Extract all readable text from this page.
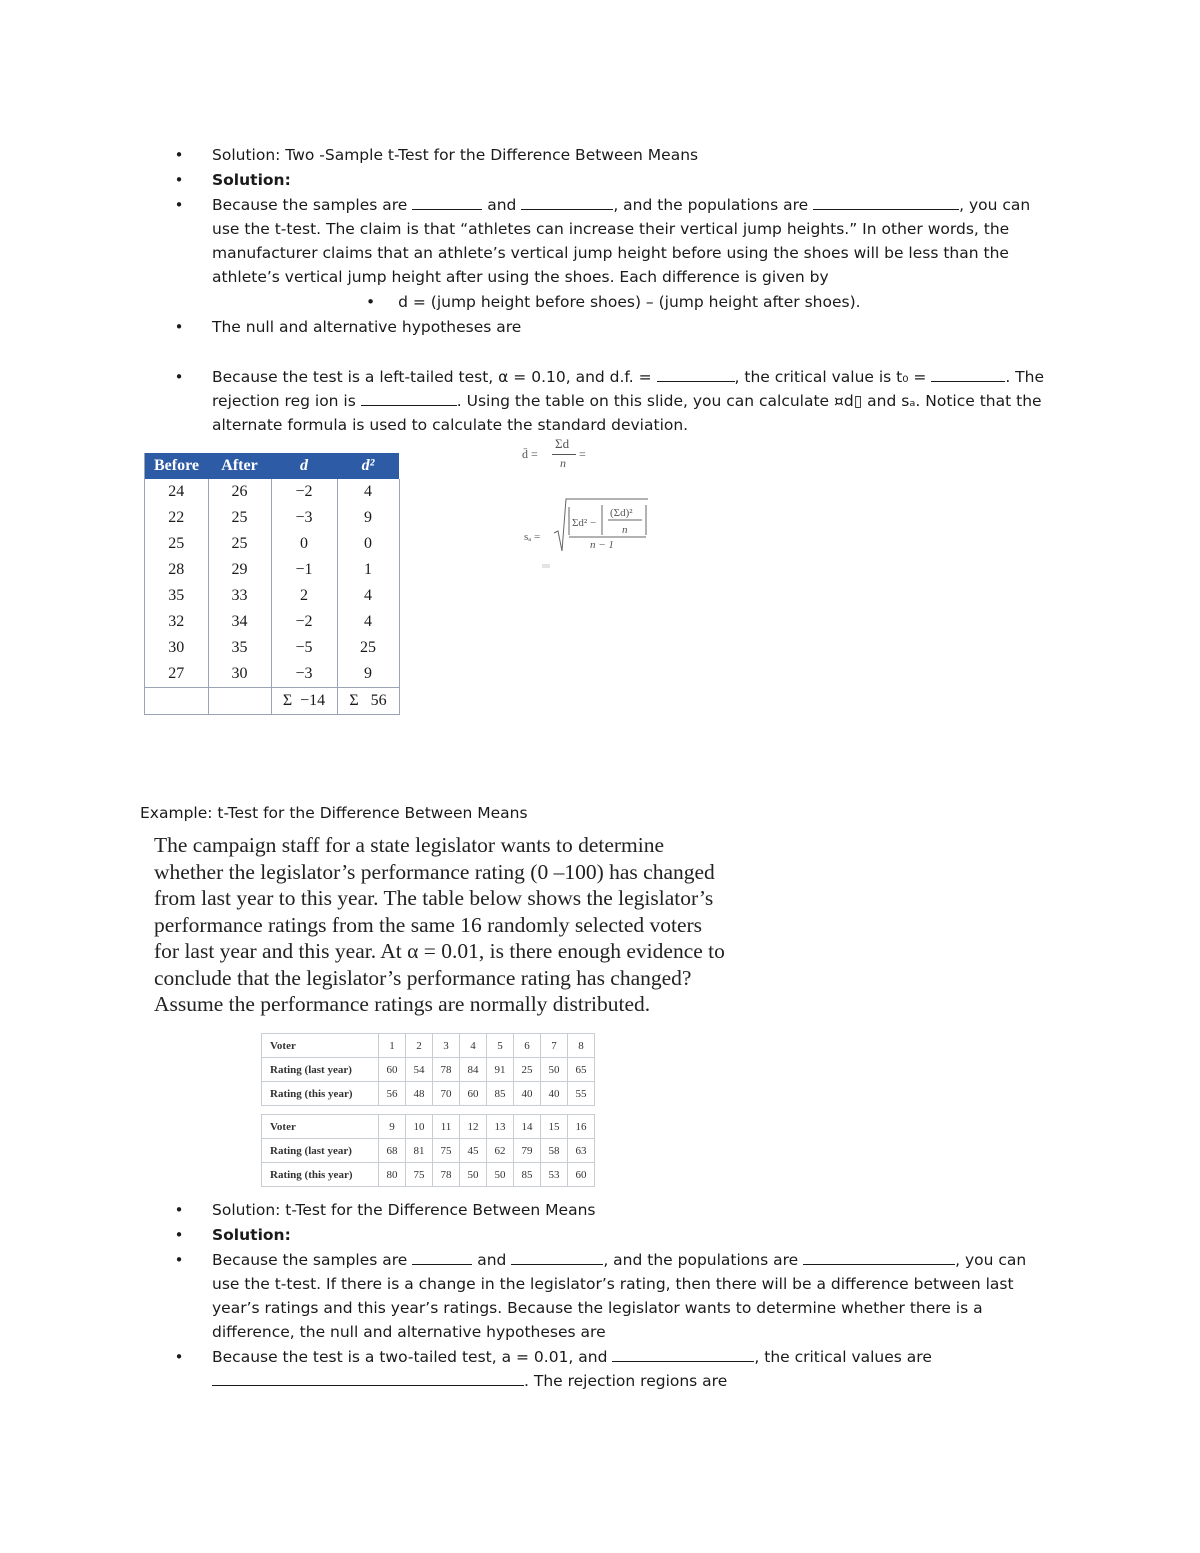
• Solution: Two -Sample t-Test for the Difference Between Means
• Solution:
• Because the samples are	and	, and the populations are	, you can
use the t-test. The claim is that “athletes can increase their vertical jump heights.” In other words, the
manufacturer claims that an athlete’s vertical jump height before using the shoes will be less than the
athlete’s vertical jump height after using the shoes. Each difference is given by
• d = (jump height before shoes) – (jump height after shoes).
• The null and alternative hypotheses are
• Because the test is a left-tailed test, α = 0.10, and d.f. =	, the critical value is t₀ =	. The
rejection reg ion is	. Using the table on this slide, you can calculate ¤d▯ and sₐ. Notice that the
alternate formula is used to calculate the standard deviation.
Before	After	d	d²
24	26	−2	4
22	25	−3	9
25	25	0	0
28	29	−1	1
35	33	2	4
32	34	−2	4
30	35	−5	25
27	30	−3	9
		Σ −14	Σ 56
d̄ =
Σd
n
=
sₐ =
Σd² −
(Σd)²
n
n − 1
Example: t-Test for the Difference Between Means
The campaign staff for a state legislator wants to determine
whether the legislator’s performance rating (0 –100) has changed
from last year to this year. The table below shows the legislator’s
performance ratings from the same 16 randomly selected voters
for last year and this year. At α = 0.01, is there enough evidence to
conclude that the legislator’s performance rating has changed?
Assume the performance ratings are normally distributed.
Voter	1	2	3	4	5	6	7	8
Rating (last year)	60	54	78	84	91	25	50	65
Rating (this year)	56	48	70	60	85	40	40	55
Voter	9	10	11	12	13	14	15	16
Rating (last year)	68	81	75	45	62	79	58	63
Rating (this year)	80	75	78	50	50	85	53	60
• Solution: t-Test for the Difference Between Means
• Solution:
• Because the samples are	and	, and the populations are	, you can
use the t-test. If there is a change in the legislator’s rating, then there will be a difference between last
year’s ratings and this year’s ratings. Because the legislator wants to determine whether there is a
difference, the null and alternative hypotheses are
• Because the test is a two-tailed test, a = 0.01, and	, the critical values are
. The rejection regions are
